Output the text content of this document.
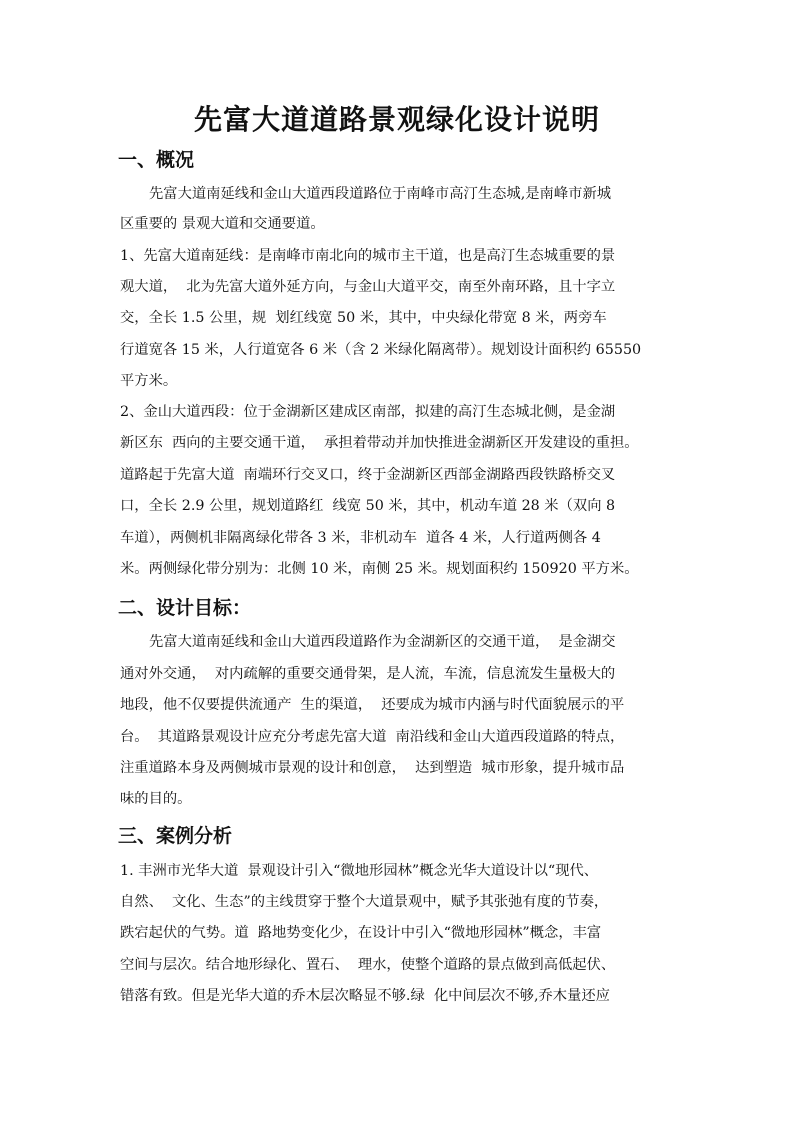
先富大道道路景观绿化设计说明
一、概况
先富大道南延线和金山大道西段道路位于南峰市高汀生态城,是南峰市新城
区重要的 景观大道和交通要道。
1、先富大道南延线：是南峰市南北向的城市主干道，也是高汀生态城重要的景
观大道，  北为先富大道外延方向，与金山大道平交，南至外南环路，且十字立
交，全长 1.5 公里，规  划红线宽 50 米，其中，中央绿化带宽 8 米，两旁车
行道宽各 15 米，人行道宽各 6 米（含 2 米绿化隔离带）。规划设计面积约 65550
平方米。
2、金山大道西段：位于金湖新区建成区南部，拟建的高汀生态城北侧，是金湖
新区东  西向的主要交通干道，  承担着带动并加快推进金湖新区开发建设的重担。
道路起于先富大道  南端环行交叉口，终于金湖新区西部金湖路西段铁路桥交叉
口，全长 2.9 公里，规划道路红  线宽 50 米，其中，机动车道 28 米（双向 8
车道），两侧机非隔离绿化带各 3 米，非机动车  道各 4 米，人行道两侧各 4
米。两侧绿化带分别为：北侧 10 米，南侧 25 米。规划面积约 150920 平方米。
二、设计目标：
先富大道南延线和金山大道西段道路作为金湖新区的交通干道，  是金湖交
通对外交通，  对内疏解的重要交通骨架，是人流，车流，信息流发生量极大的
地段，他不仅要提供流通产  生的渠道，  还要成为城市内涵与时代面貌展示的平
台。  其道路景观设计应充分考虑先富大道  南沿线和金山大道西段道路的特点，
注重道路本身及两侧城市景观的设计和创意，  达到塑造  城市形象，提升城市品
味的目的。
三、案例分析
1. 丰洲市光华大道  景观设计引入“微地形园林”概念光华大道设计以“现代、
自然、  文化、生态”的主线贯穿于整个大道景观中，赋予其张弛有度的节奏，
跌宕起伏的气势。道  路地势变化少，在设计中引入“微地形园林”概念，丰富
空间与层次。结合地形绿化、置石、  理水，使整个道路的景点做到高低起伏、
错落有致。但是光华大道的乔木层次略显不够.绿  化中间层次不够,乔木量还应
